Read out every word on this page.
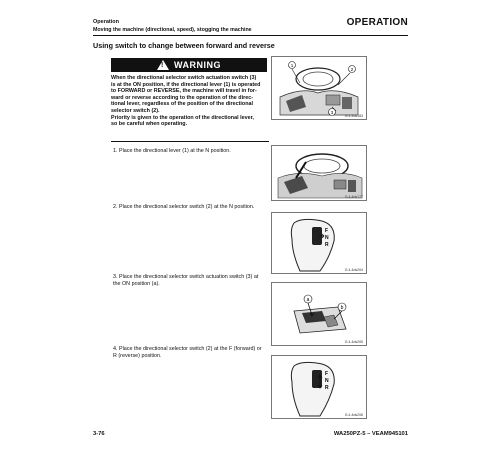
Operation
Moving the machine (directional, speed), stogging the machine
OPERATION
Using switch to change between forward and reverse
! WARNING
When the directional selector switch actuation switch (3)
is at the ON position, if the directional lever (1) is operated
to FORWARD or REVERSE, the machine will travel in for-
ward or reverse according to the operation of the direc-
tional lever, regardless of the position of the directional
selector switch (2).
Priority is given to the operation of the directional lever,
so be careful when operating.
1. Place the directional lever (1) at the N position.
2. Place the directional selector switch (2) at the N position.
3. Place the directional selector switch actuation switch (3) at the ON position (a).
4. Place the directional selector switch (2) at the F (forward) or R (reverse) position.
1
2
3
G.4-4ds183
G.4-4ds177
F
N
R
G.4-4ds204
a
b
G.4-4ds205
F
N
R
G.4-4ds206
3-76	WA250PZ-5 – VEAM945101
